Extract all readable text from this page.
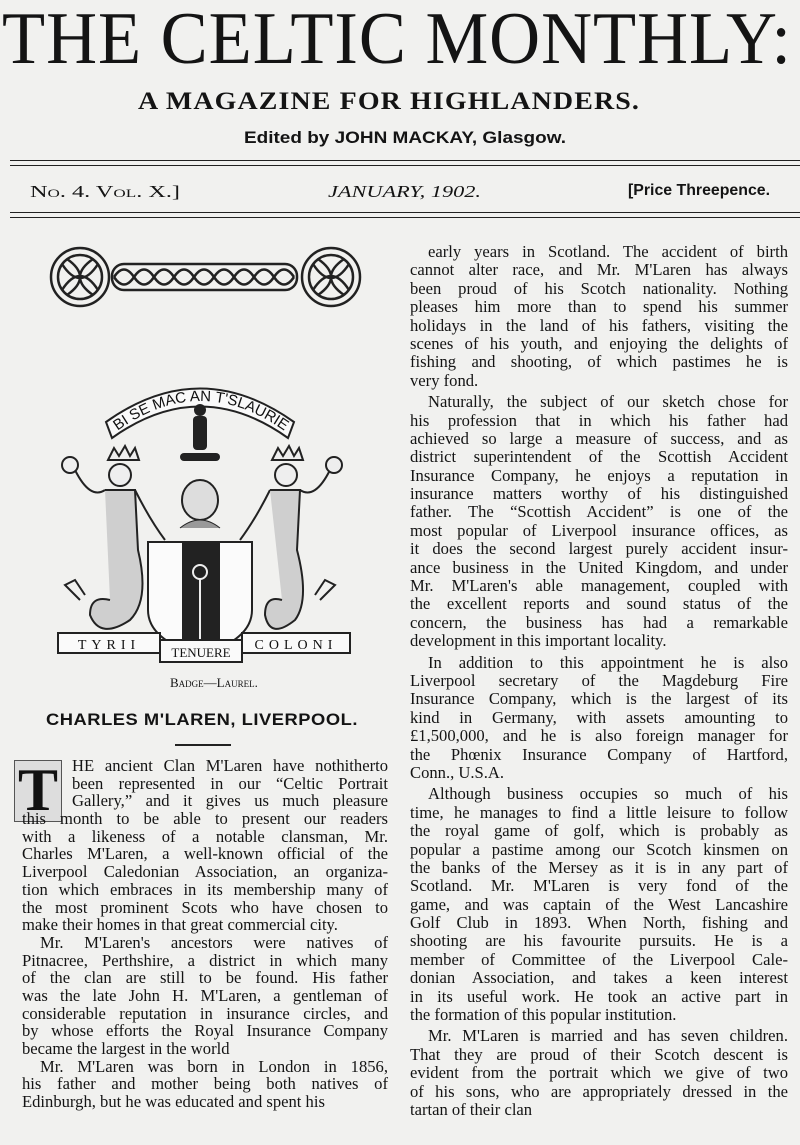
THE CELTIC MONTHLY:
A MAGAZINE FOR HIGHLANDERS.
Edited by JOHN MACKAY, Glasgow.
No. 4. Vol. X.]	JANUARY, 1902.	[Price Threepence.
BI SE MAC AN T'SLAURIE
TYRII TENUERE COLONI
Badge—Laurel.
CHARLES M'LAREN, LIVERPOOL.
T HE ancient Clan M'Laren have nothitherto
been represented in our “Celtic Portrait
Gallery,” and it gives us much pleasure
this month to be able to present our readers
with a likeness of a notable clansman, Mr.
Charles M'Laren, a well-known official of the
Liverpool Caledonian Association, an organiza-
tion which embraces in its membership many of
the most prominent Scots who have chosen to
make their homes in that great commercial city.
Mr. M'Laren's ancestors were natives of
Pitnacree, Perthshire, a district in which many
of the clan are still to be found. His father
was the late John H. M'Laren, a gentleman of
considerable reputation in insurance circles, and
by whose efforts the Royal Insurance Company
became the largest in the world
Mr. M'Laren was born in London in 1856,
his father and mother being both natives of
Edinburgh, but he was educated and spent his
early years in Scotland. The accident of birth
cannot alter race, and Mr. M'Laren has always
been proud of his Scotch nationality. Nothing
pleases him more than to spend his summer
holidays in the land of his fathers, visiting the
scenes of his youth, and enjoying the delights of
fishing and shooting, of which pastimes he is
very fond.
Naturally, the subject of our sketch chose for
his profession that in which his father had
achieved so large a measure of success, and as
district superintendent of the Scottish Accident
Insurance Company, he enjoys a reputation in
insurance matters worthy of his distinguished
father. The “Scottish Accident” is one of the
most popular of Liverpool insurance offices, as
it does the second largest purely accident insur-
ance business in the United Kingdom, and under
Mr. M'Laren's able management, coupled with
the excellent reports and sound status of the
concern, the business has had a remarkable
development in this important locality.
In addition to this appointment he is also
Liverpool secretary of the Magdeburg Fire
Insurance Company, which is the largest of its
kind in Germany, with assets amounting to
£1,500,000, and he is also foreign manager for
the Phœnix Insurance Company of Hartford,
Conn., U.S.A.
Although business occupies so much of his
time, he manages to find a little leisure to follow
the royal game of golf, which is probably as
popular a pastime among our Scotch kinsmen on
the banks of the Mersey as it is in any part of
Scotland. Mr. M'Laren is very fond of the
game, and was captain of the West Lancashire
Golf Club in 1893. When North, fishing and
shooting are his favourite pursuits. He is a
member of Committee of the Liverpool Cale-
donian Association, and takes a keen interest
in its useful work. He took an active part in
the formation of this popular institution.
Mr. M'Laren is married and has seven children.
That they are proud of their Scotch descent is
evident from the portrait which we give of two
of his sons, who are appropriately dressed in the
tartan of their clan
